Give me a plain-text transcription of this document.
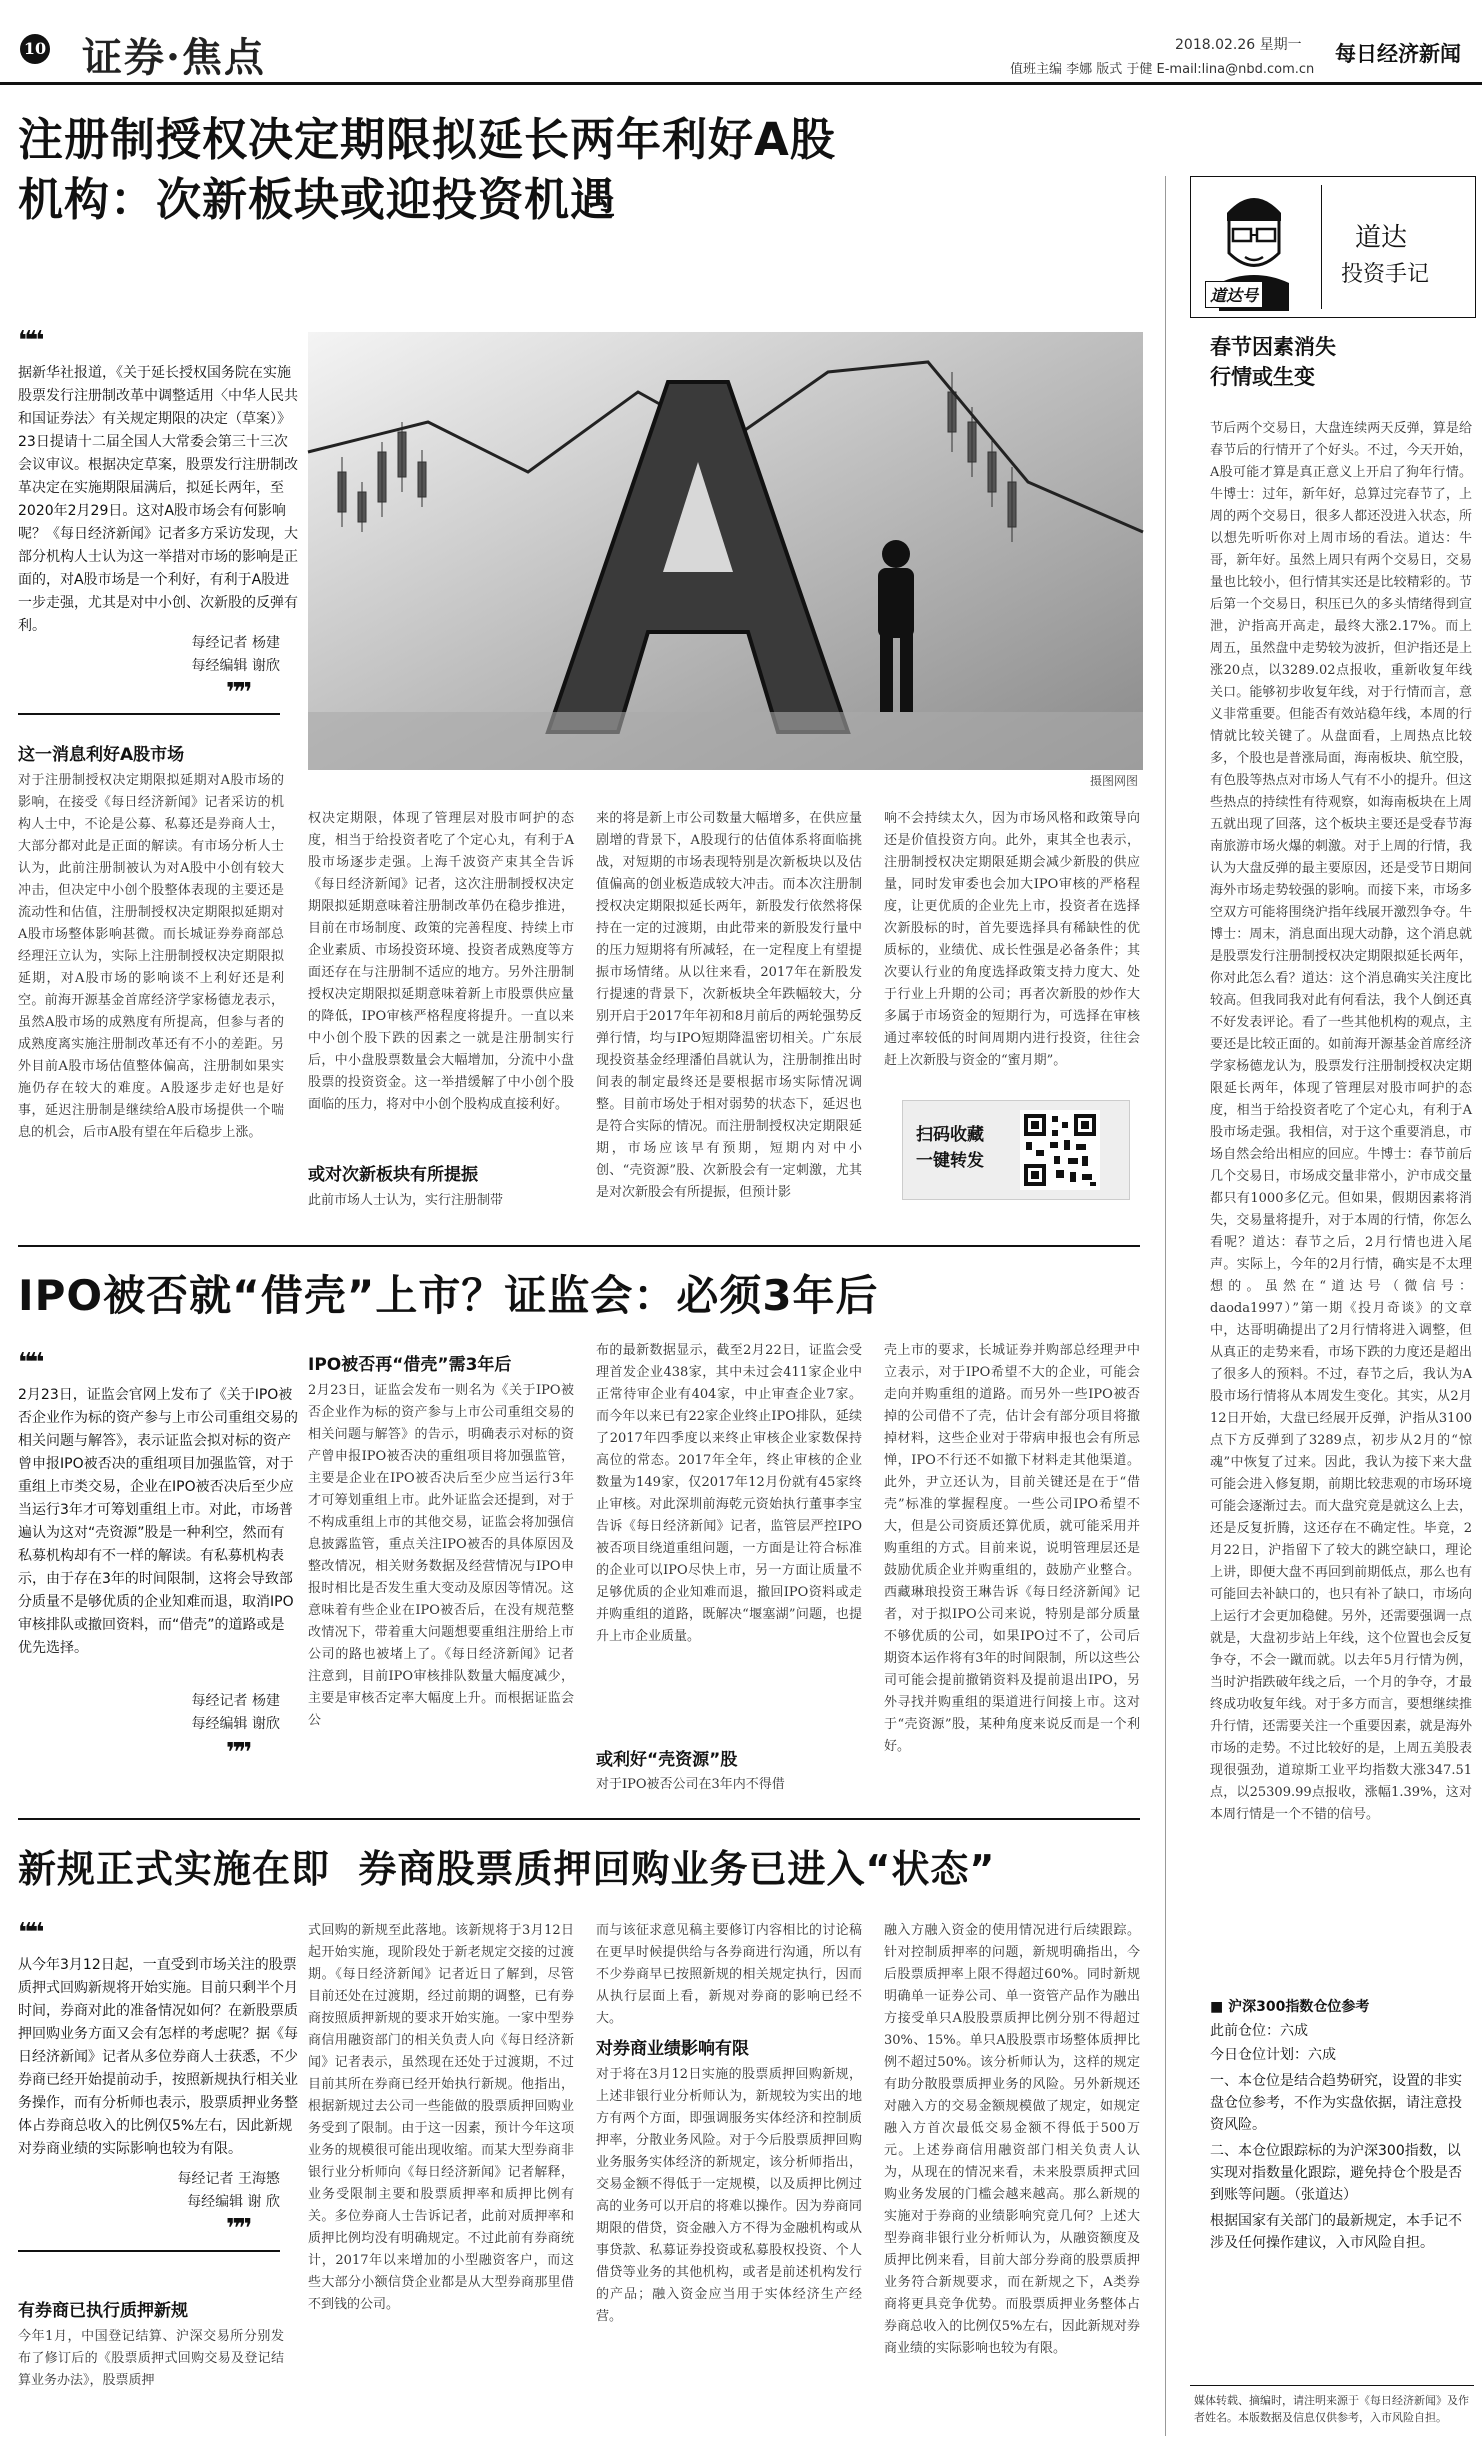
10 证券·焦点	2018.02.26 星期一
值班主编 李娜 版式 于健 E-mail:lina@nbd.com.cn
每日经济新闻
注册制授权决定期限拟延长两年利好A股
机构：次新板块或迎投资机遇
❝❝
据新华社报道，《关于延长授权国务院在实施股票发行注册制改革中调整适用〈中华人民共和国证券法〉有关规定期限的决定（草案）》23日提请十二届全国人大常委会第三十三次会议审议。根据决定草案，股票发行注册制改革决定在实施期限届满后，拟延长两年，至2020年2月29日。这对A股市场会有何影响呢？《每日经济新闻》记者多方采访发现，大部分机构人士认为这一举措对市场的影响是正面的，对A股市场是一个利好，有利于A股进一步走强，尤其是对中小创、次新股的反弹有利。
每经记者 杨建
每经编辑 谢欣
❞❞
摄图网图
这一消息利好A股市场
对于注册制授权决定期限拟延期对A股市场的影响，在接受《每日经济新闻》记者采访的机构人士中，不论是公募、私募还是券商人士，大部分都对此是正面的解读。有市场分析人士认为，此前注册制被认为对A股中小创有较大冲击，但决定中小创个股整体表现的主要还是流动性和估值，注册制授权决定期限拟延期对A股市场整体影响甚微。而长城证券券商部总经理汪立认为，实际上注册制授权决定期限拟延期，对A股市场的影响谈不上利好还是利空。前海开源基金首席经济学家杨德龙表示，虽然A股市场的成熟度有所提高，但参与者的成熟度离实施注册制改革还有不小的差距。另外目前A股市场估值整体偏高，注册制如果实施仍存在较大的难度。A股逐步走好也是好事，延迟注册制是继续给A股市场提供一个喘息的机会，后市A股有望在年后稳步上涨。
权决定期限，体现了管理层对股市呵护的态度，相当于给投资者吃了个定心丸，有利于A股市场逐步走强。上海千波资产束其全告诉《每日经济新闻》记者，这次注册制授权决定期限拟延期意味着注册制改革仍在稳步推进，目前在市场制度、政策的完善程度、持续上市企业素质、市场投资环境、投资者成熟度等方面还存在与注册制不适应的地方。另外注册制授权决定期限拟延期意味着新上市股票供应量的降低，IPO审核严格程度将提升。一直以来中小创个股下跌的因素之一就是注册制实行后，中小盘股票数量会大幅增加，分流中小盘股票的投资资金。这一举措缓解了中小创个股面临的压力，将对中小创个股构成直接利好。
或对次新板块有所提振
此前市场人士认为，实行注册制带
来的将是新上市公司数量大幅增多，在供应量剧增的背景下，A股现行的估值体系将面临挑战，对短期的市场表现特别是次新板块以及估值偏高的创业板造成较大冲击。而本次注册制授权决定期限拟延长两年，新股发行依然将保持在一定的过渡期，由此带来的新股发行量中的压力短期将有所减轻，在一定程度上有望提振市场情绪。从以往来看，2017年在新股发行提速的背景下，次新板块全年跌幅较大，分别开启于2017年年初和8月前后的两轮强势反弹行情，均与IPO短期降温密切相关。广东辰现投资基金经理潘伯昌就认为，注册制推出时间表的制定最终还是要根据市场实际情况调整。目前市场处于相对弱势的状态下，延迟也是符合实际的情况。而注册制授权决定期限延期，市场应该早有预期，短期内对中小创、“壳资源”股、次新股会有一定刺激，尤其是对次新股会有所提振，但预计影
响不会持续太久，因为市场风格和政策导向还是价值投资方向。此外，東其全也表示，注册制授权决定期限延期会减少新股的供应量，同时发审委也会加大IPO审核的严格程度，让更优质的企业先上市，投资者在选择次新股标的时，首先要选择具有稀缺性的优质标的，业绩优、成长性强是必备条件；其次要认行业的角度选择政策支持力度大、处于行业上升期的公司；再者次新股的炒作大多属于市场资金的短期行为，可选择在审核通过率较低的时间周期内进行投资，往往会赶上次新股与资金的“蜜月期”。
扫码收藏一键转发
IPO被否就“借壳”上市？证监会：必须3年后
❝❝
2月23日，证监会官网上发布了《关于IPO被否企业作为标的资产参与上市公司重组交易的相关问题与解答》，表示证监会拟对标的资产曾申报IPO被否决的重组项目加强监管，对于重组上市类交易，企业在IPO被否决后至少应当运行3年才可筹划重组上市。对此，市场普遍认为这对“壳资源”股是一种利空，然而有私募机构却有不一样的解读。有私募机构表示，由于存在3年的时间限制，这将会导致部分质量不是够优质的企业知难而退，取消IPO审核排队或撤回资料，而“借壳”的道路或是优先选择。
每经记者 杨建
每经编辑 谢欣
❞❞
IPO被否再“借壳”需3年后
2月23日，证监会发布一则名为《关于IPO被否企业作为标的资产参与上市公司重组交易的相关问题与解答》的告示，明确表示对标的资产曾申报IPO被否决的重组项目将加强监管，主要是企业在IPO被否决后至少应当运行3年才可筹划重组上市。此外证监会还提到，对于不构成重组上市的其他交易，证监会将加强信息披露监管，重点关注IPO被否的具体原因及整改情况，相关财务数据及经营情况与IPO申报时相比是否发生重大变动及原因等情况。这意味着有些企业在IPO被否后，在没有规范整改情况下，带着重大问题想要重组注册给上市公司的路也被堵上了。《每日经济新闻》记者注意到，目前IPO审核排队数量大幅度减少，主要是审核否定率大幅度上升。而根据证监会公
布的最新数据显示，截至2月22日，证监会受理首发企业438家，其中未过会411家企业中正常待审企业有404家，中止审查企业7家。而今年以来已有22家企业终止IPO排队，延续了2017年四季度以来终止审核企业家数保持高位的常态。2017年全年，终止审核的企业数量为149家，仅2017年12月份就有45家终止审核。对此深圳前海乾元资始执行董事李宝告诉《每日经济新闻》记者，监管层严控IPO被否项目绕道重组问题，一方面是让符合标准的企业可以IPO尽快上市，另一方面让质量不足够优质的企业知难而退，撤回IPO资料或走并购重组的道路，既解决“堰塞湖”问题，也提升上市企业质量。
或利好“壳资源”股
对于IPO被否公司在3年内不得借
壳上市的要求，长城证券并购部总经理尹中立表示，对于IPO希望不大的企业，可能会走向并购重组的道路。而另外一些IPO被否掉的公司借不了壳，估计会有部分项目将撤掉材料，这些企业对于带病申报也会有所忌惮，IPO不行还不如撤下材料走其他渠道。此外，尹立还认为，目前关键还是在于“借壳”标准的掌握程度。一些公司IPO希望不大，但是公司资质还算优质，就可能采用并购重组的方式。目前来说，说明管理层还是鼓励优质企业并购重组的，鼓励产业整合。西藏琳琅投资王琳告诉《每日经济新闻》记者，对于拟IPO公司来说，特别是部分质量不够优质的公司，如果IPO过不了，公司后期资本运作将有3年的时间限制，所以这些公司可能会提前撤销资料及提前退出IPO，另外寻找并购重组的渠道进行间接上市。这对于“壳资源”股，某种角度来说反而是一个利好。
新规正式实施在即  券商股票质押回购业务已进入“状态”
❝❝
从今年3月12日起，一直受到市场关注的股票质押式回购新规将开始实施。目前只剩半个月时间，券商对此的准备情况如何？在新股票质押回购业务方面又会有怎样的考虑呢？据《每日经济新闻》记者从多位券商人士获悉，不少券商已经开始提前动手，按照新规执行相关业务操作，而有分析师也表示，股票质押业务整体占券商总收入的比例仅5%左右，因此新规对券商业绩的实际影响也较为有限。
每经记者 王海慜
每经编辑 谢 欣
❞❞
有券商已执行质押新规
今年1月，中国登记结算、沪深交易所分别发布了修订后的《股票质押式回购交易及登记结算业务办法》，股票质押
式回购的新规至此落地。该新规将于3月12日起开始实施，现阶段处于新老规定交接的过渡期。《每日经济新闻》记者近日了解到，尽管目前还处在过渡期，经过前期的调整，已有券商按照质押新规的要求开始实施。一家中型券商信用融资部门的相关负责人向《每日经济新闻》记者表示，虽然现在还处于过渡期，不过目前其所在券商已经开始执行新规。他指出，根据新规过去公司一些能做的股票质押回购业务受到了限制。由于这一因素，预计今年这项业务的规模很可能出现收缩。而某大型券商非银行业分析师向《每日经济新闻》记者解释，业务受限制主要和股票质押率和质押比例有关。多位券商人士告诉记者，此前对质押率和质押比例均没有明确规定。不过此前有券商统计，2017年以来增加的小型融资客户，而这些大部分小额信贷企业都是从大型券商那里借不到钱的公司。
而与该征求意见稿主要修订内容相比的讨论稿在更早时候提供给与各券商进行沟通，所以有不少券商早已按照新规的相关规定执行，因而从执行层面上看，新规对券商的影响已经不大。
对券商业绩影响有限
对于将在3月12日实施的股票质押回购新规，上述非银行业分析师认为，新规较为实出的地方有两个方面，即强调服务实体经济和控制质押率，分散业务风险。对于今后股票质押回购业务服务实体经济的新规定，该分析师指出，交易金额不得低于一定规模，以及质押比例过高的业务可以开启的将难以操作。因为券商同期限的借贷，资金融入方不得为金融机构或从事贷款、私募证券投资或私募股权投资、个人借贷等业务的其他机构，或者是前述机构发行的产品；融入资金应当用于实体经济生产经营。
融入方融入资金的使用情况进行后续跟踪。针对控制质押率的问题，新规明确指出，今后股票质押率上限不得超过60%。同时新规明确单一证券公司、单一资管产品作为融出方接受单只A股股票质押比例分别不得超过30%、15%。单只A股股票市场整体质押比例不超过50%。该分析师认为，这样的规定有助分散股票质押业务的风险。另外新规还对融入方的交易金额规模做了规定，如规定融入方首次最低交易金额不得低于500万元。上述券商信用融资部门相关负责人认为，从现在的情况来看，未来股票质押式回购业务发展的门槛会越来越高。那么新规的实施对于券商的业绩影响究竟几何？上述大型券商非银行业分析师认为，从融资额度及质押比例来看，目前大部分券商的股票质押业务符合新规要求，而在新规之下，A类券商将更具竞争优势。而股票质押业务整体占券商总收入的比例仅5%左右，因此新规对券商业绩的实际影响也较为有限。
道达号
道达
投资手记
春节因素消失
行情或生变
节后两个交易日，大盘连续两天反弹，算是给春节后的行情开了个好头。不过，今天开始，A股可能才算是真正意义上开启了狗年行情。牛博士：过年，新年好，总算过完春节了，上周的两个交易日，很多人都还没进入状态，所以想先听听你对上周市场的看法。道达：牛哥，新年好。虽然上周只有两个交易日，交易量也比较小，但行情其实还是比较精彩的。节后第一个交易日，积压已久的多头情绪得到宣泄，沪指高开高走，最终大涨2.17%。而上周五，虽然盘中走势较为波折，但沪指还是上涨20点，以3289.02点报收，重新收复年线关口。能够初步收复年线，对于行情而言，意义非常重要。但能否有效站稳年线，本周的行情就比较关键了。从盘面看，上周热点比较多，个股也是普涨局面，海南板块、航空股，有色股等热点对市场人气有不小的提升。但这些热点的持续性有待观察，如海南板块在上周五就出现了回落，这个板块主要还是受春节海南旅游市场火爆的刺激。对于上周的行情，我认为大盘反弹的最主要原因，还是受节日期间海外市场走势较强的影响。而接下来，市场多空双方可能将围绕沪指年线展开激烈争夺。牛博士：周末，消息面出现大动静，这个消息就是股票发行注册制授权决定期限拟延长两年，你对此怎么看？道达：这个消息确实关注度比较高。但我同我对此有何看法，我个人倒还真不好发表评论。看了一些其他机构的观点，主要还是比较正面的。如前海开源基金首席经济学家杨德龙认为，股票发行注册制授权决定期限延长两年，体现了管理层对股市呵护的态度，相当于给投资者吃了个定心丸，有利于A股市场走强。我相信，对于这个重要消息，市场自然会给出相应的回应。牛博士：春节前后几个交易日，市场成交量非常小，沪市成交量都只有1000多亿元。但如果，假期因素将消失，交易量将提升，对于本周的行情，你怎么看呢？道达：春节之后，2月行情也进入尾声。实际上，今年的2月行情，确实是不太理想的。虽然在“道达号（微信号：daoda1997）”第一期《投月奇谈》的文章中，达哥明确提出了2月行情将进入调整，但从真正的走势来看，市场下跌的力度还是超出了很多人的预料。不过，春节之后，我认为A股市场行情将从本周发生变化。其实，从2月12日开始，大盘已经展开反弹，沪指从3100点下方反弹到了3289点，初步从2月的“惊魂”中恢复了过来。因此，我认为接下来大盘可能会进入修复期，前期比较悲观的市场环境可能会逐渐过去。而大盘究竟是就这么上去，还是反复折腾，这还存在不确定性。毕竟，2月22日，沪指留下了较大的跳空缺口，理论上讲，即便大盘不再回到前期低点，那么也有可能回去补缺口的，也只有补了缺口，市场向上运行才会更加稳健。另外，还需要强调一点就是，大盘初步站上年线，这个位置也会反复争夺，不会一蹴而就。以去年5月行情为例，当时沪指跌破年线之后，一个月的争夺，才最终成功收复年线。对于多方而言，要想继续推升行情，还需要关注一个重要因素，就是海外市场的走势。不过比较好的是，上周五美股表现很强劲，道琼斯工业平均指数大涨347.51点，以25309.99点报收，涨幅1.39%，这对本周行情是一个不错的信号。
■ 沪深300指数仓位参考
此前仓位：六成
今日仓位计划：六成
一、本仓位是结合趋势研究，设置的非实盘仓位参考，不作为实盘依据，请注意投资风险。
二、本仓位跟踪标的为沪深300指数，以实现对指数量化跟踪，避免持仓个股是否到账等问题。（张道达）
根据国家有关部门的最新规定，本手记不涉及任何操作建议，入市风险自担。
媒体转载、摘编时，请注明来源于《每日经济新闻》及作者姓名。本版数据及信息仅供参考，入市风险自担。
